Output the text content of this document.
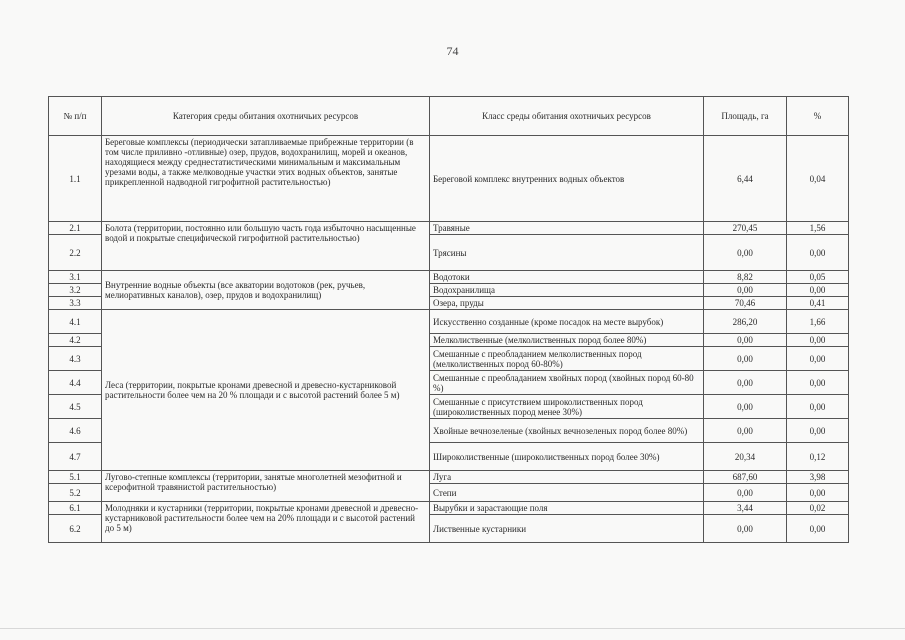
74
№ п/п	Категория среды обитания охотничьих ресурсов	Класс среды обитания охотничьих ресурсов	Площадь, га	%
1.1	Береговые комплексы (периодически затапливаемые прибрежные территории (в том числе приливно -отливные) озер, прудов, водохранилищ, морей и океанов, находящиеся между среднестатистическими минимальным и максимальным урезами воды, а также мелководные участки этих водных объектов, занятые прикрепленной надводной гигрофитной растительностью)	Береговой комплекс внутренних водных объектов	6,44	0,04
2.1	Болота (территории, постоянно или большую часть года избыточно насыщенные водой и покрытые специфической гигрофитной растительностью)	Травяные	270,45	1,56
2.2		Трясины	0,00	0,00
3.1	Внутренние водные объекты (все акватории водотоков (рек, ручьев, мелиоративных каналов), озер, прудов и водохранилищ)	Водотоки	8,82	0,05
3.2		Водохранилища	0,00	0,00
3.3		Озера, пруды	70,46	0,41
4.1	Леса (территории, покрытые кронами древесной и древесно-кустарниковой растительности более чем на 20 % площади и с высотой растений более 5 м)	Искусственно созданные (кроме посадок на месте вырубок)	286,20	1,66
4.2		Мелколиственные (мелколиственных пород более 80%)	0,00	0,00
4.3		Смешанные с преобладанием мелколиственных пород (мелколиственных пород 60-80%)	0,00	0,00
4.4		Смешанные с преобладанием хвойных пород (хвойных пород 60-80 %)	0,00	0,00
4.5		Смешанные с присутствием широколиственных пород (широколиственных пород менее 30%)	0,00	0,00
4.6		Хвойные вечнозеленые (хвойных вечнозеленых пород более 80%)	0,00	0,00
4.7		Широколиственные (широколиственных пород более 30%)	20,34	0,12
5.1	Лугово-степные комплексы (территории, занятые многолетней мезофитной и ксерофитной травянистой растительностью)	Луга	687,60	3,98
5.2		Степи	0,00	0,00
6.1	Молодняки и кустарники (территории, покрытые кронами древесной и древесно- кустарниковой растительности более чем на 20% площади и с высотой растений до 5 м)	Вырубки и зарастающие поля	3,44	0,02
6.2		Лиственные кустарники	0,00	0,00
